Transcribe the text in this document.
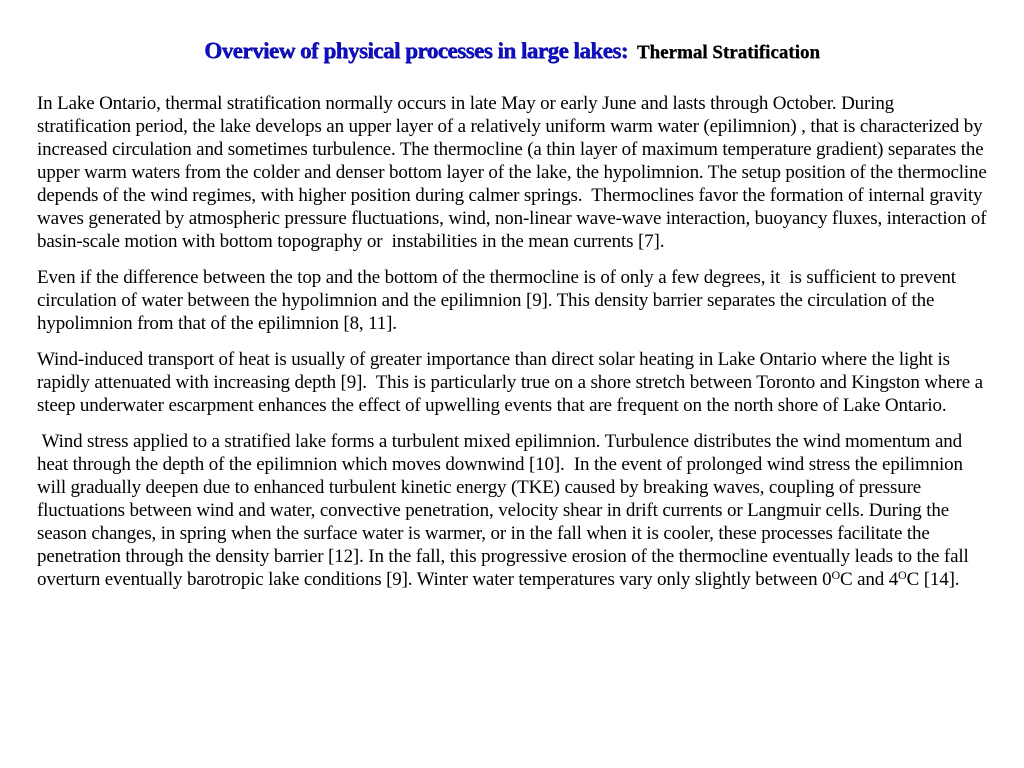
Overview of physical processes in large lakes: Thermal Stratification

In Lake Ontario, thermal stratification normally occurs in late May or early June and lasts through October. During stratification period, the lake develops an upper layer of a relatively uniform warm water (epilimnion) , that is characterized by increased circulation and sometimes turbulence. The thermocline (a thin layer of maximum temperature gradient) separates the upper warm waters from the colder and denser bottom layer of the lake, the hypolimnion. The setup position of the thermocline depends of the wind regimes, with higher position during calmer springs.  Thermoclines favor the formation of internal gravity waves generated by atmospheric pressure fluctuations, wind, non-linear wave-wave interaction, buoyancy fluxes, interaction of basin-scale motion with bottom topography or  instabilities in the mean currents [7].

Even if the difference between the top and the bottom of the thermocline is of only a few degrees, it  is sufficient to prevent circulation of water between the hypolimnion and the epilimnion [9]. This density barrier separates the circulation of the hypolimnion from that of the epilimnion [8, 11].

Wind-induced transport of heat is usually of greater importance than direct solar heating in Lake Ontario where the light is rapidly attenuated with increasing depth [9].  This is particularly true on a shore stretch between Toronto and Kingston where a steep underwater escarpment enhances the effect of upwelling events that are frequent on the north shore of Lake Ontario.

Wind stress applied to a stratified lake forms a turbulent mixed epilimnion. Turbulence distributes the wind momentum and heat through the depth of the epilimnion which moves downwind [10].  In the event of prolonged wind stress the epilimnion will gradually deepen due to enhanced turbulent kinetic energy (TKE) caused by breaking waves, coupling of pressure fluctuations between wind and water, convective penetration, velocity shear in drift currents or Langmuir cells. During the season changes, in spring when the surface water is warmer, or in the fall when it is cooler, these processes facilitate the penetration through the density barrier [12]. In the fall, this progressive erosion of the thermocline eventually leads to the fall overturn eventually barotropic lake conditions [9]. Winter water temperatures vary only slightly between $0^OC$ and $4^OC$ [14].
